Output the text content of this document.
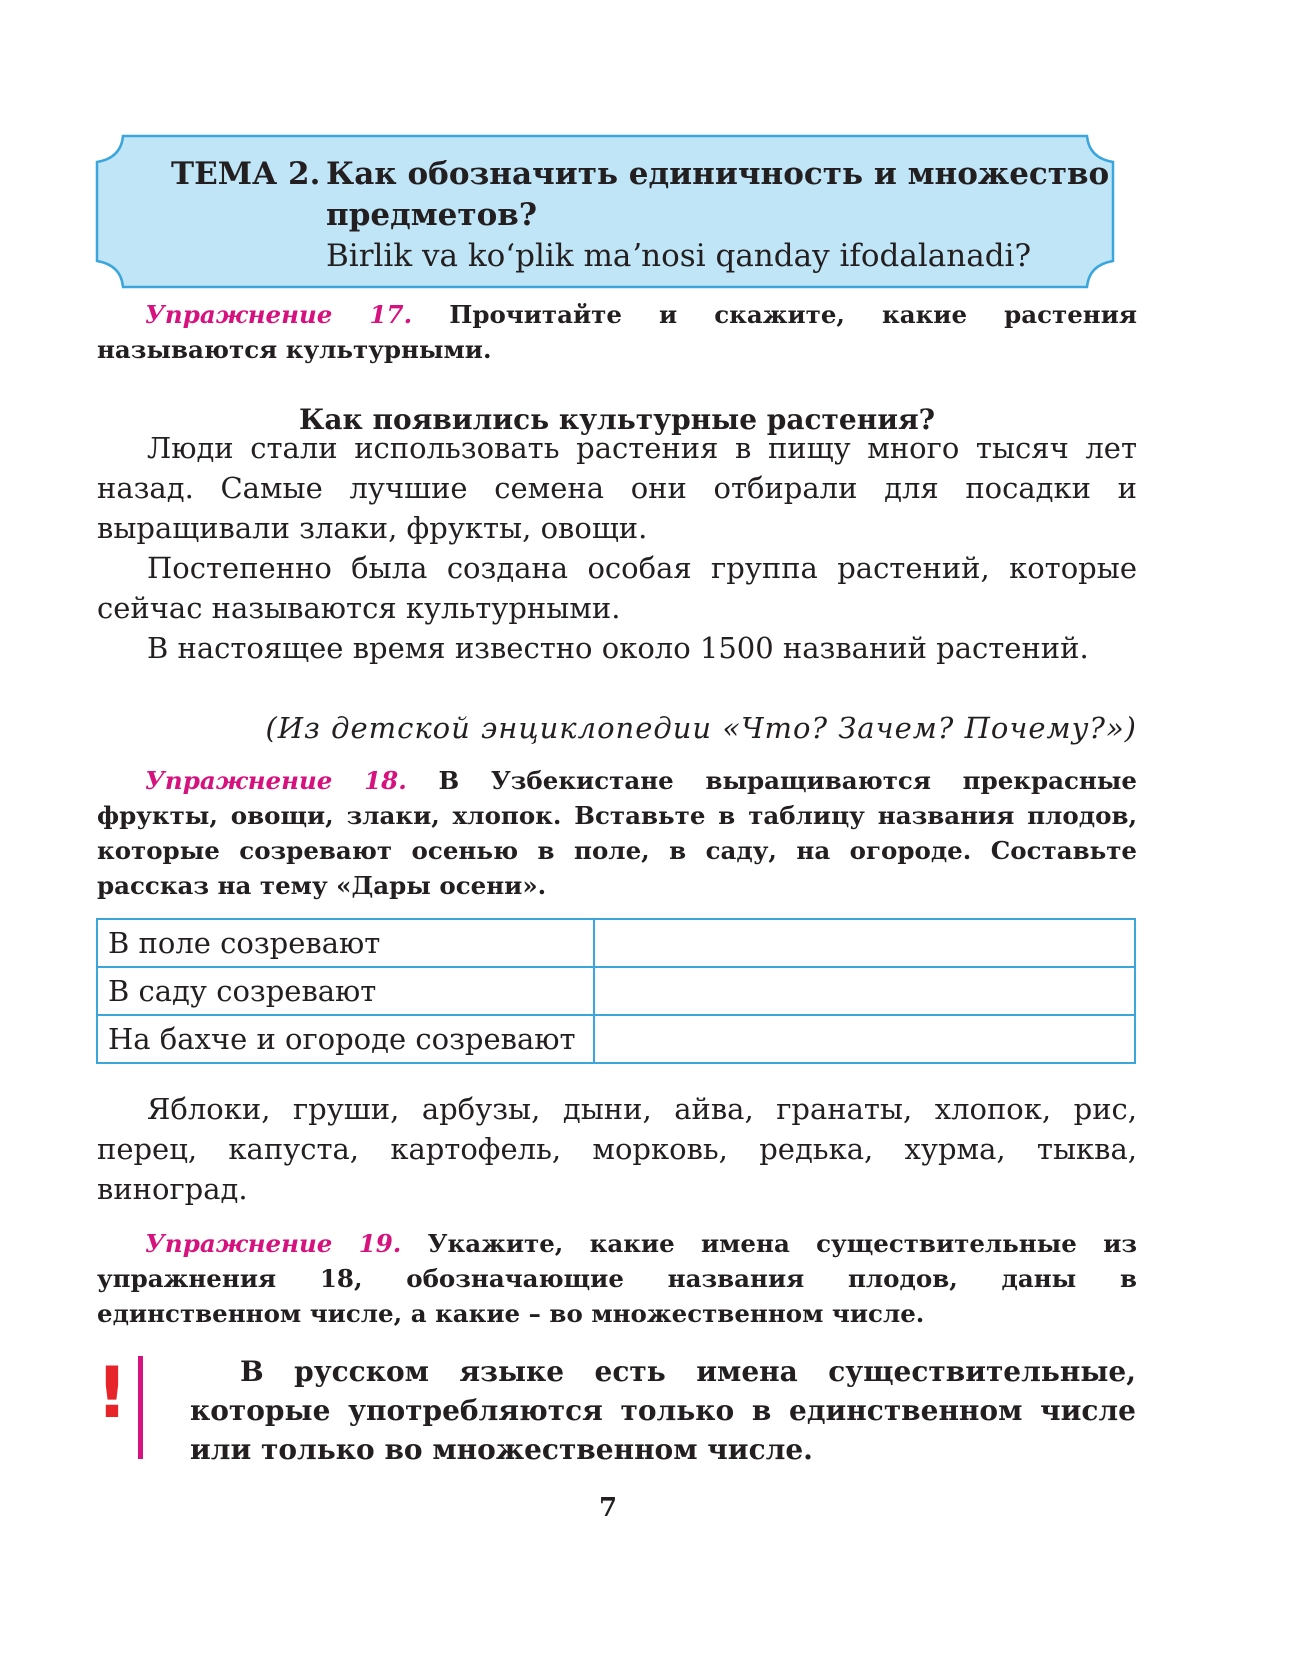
ТЕМА 2. Как обозначить единичность и множество
предметов?
Birlik va koʻplik maʼnosi qanday ifodalanadi?
Упражнение 17. Прочитайте и скажите, какие растения называются культурными.
Как появились культурные растения?

Люди стали использовать растения в пищу много тысяч лет назад. Самые лучшие семена они отбирали для посадки и выращивали злаки, фрукты, овощи.

Постепенно была создана особая группа растений, которые сейчас называются культурными.

В настоящее время известно около 1500 названий растений.

(Из детской энциклопедии «Что? Зачем? Почему?»)
Упражнение 18. В Узбекистане выращиваются прекрасные фрукты, овощи, злаки, хлопок. Вставьте в таблицу названия плодов, которые созревают осенью в поле, в саду, на огороде. Составьте рассказ на тему «Дары осени».
В поле созревают	
В саду созревают	
На бахче и огороде созревают	

Яблоки, груши, арбузы, дыни, айва, гранаты, хлопок, рис, перец, капуста, картофель, морковь, редька, хурма, тыква, виноград.

Упражнение 19. Укажите, какие имена существительные из упражнения 18, обозначающие названия плодов, даны в единственном числе, а какие – во множественном числе.
!	В русском языке есть имена существительные, которые употребляются только в единственном числе или только во множественном числе.
7
